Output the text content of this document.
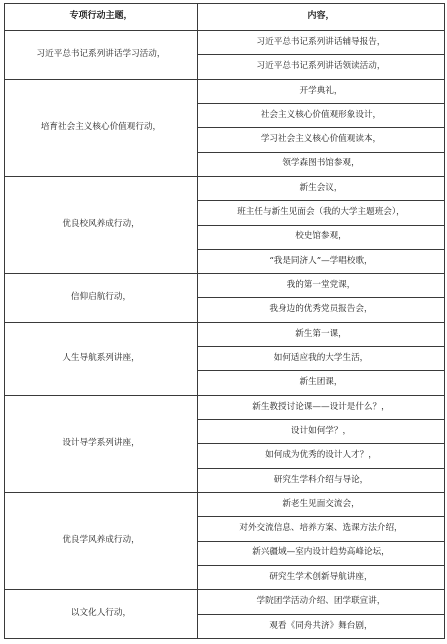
专项行动主题，	内容，
习近平总书记系列讲话学习活动，	习近平总书记系列讲话辅导报告，
	习近平总书记系列讲话领读活动，
培育社会主义核心价值观行动，	开学典礼，
	社会主义核心价值观形象设计，
	学习社会主义核心价值观读本，
	领学森图书馆参观，
优良校风养成行动，	新生会议，
	班主任与新生见面会（我的大学主题班会），
	校史馆参观，
	“我是同济人”—学唱校歌，
信仰启航行动，	我的第一堂党课，
	我身边的优秀党员报告会，
人生导航系列讲座，	新生第一课，
	如何适应我的大学生活，
	新生团课，
设计导学系列讲座，	新生教授讨论课——设计是什么？，
	设计如何学？，
	如何成为优秀的设计人才？，
	研究生学科介绍与导论，
优良学风养成行动，	新老生见面交流会，
	对外交流信息、培养方案、选课方法介绍，
	新兴疆域—室内设计趋势高峰论坛，
	研究生学术创新导航讲座，
以文化人行动，	学院团学活动介绍、团学联宣讲，
	观看《同舟共济》舞台剧，
